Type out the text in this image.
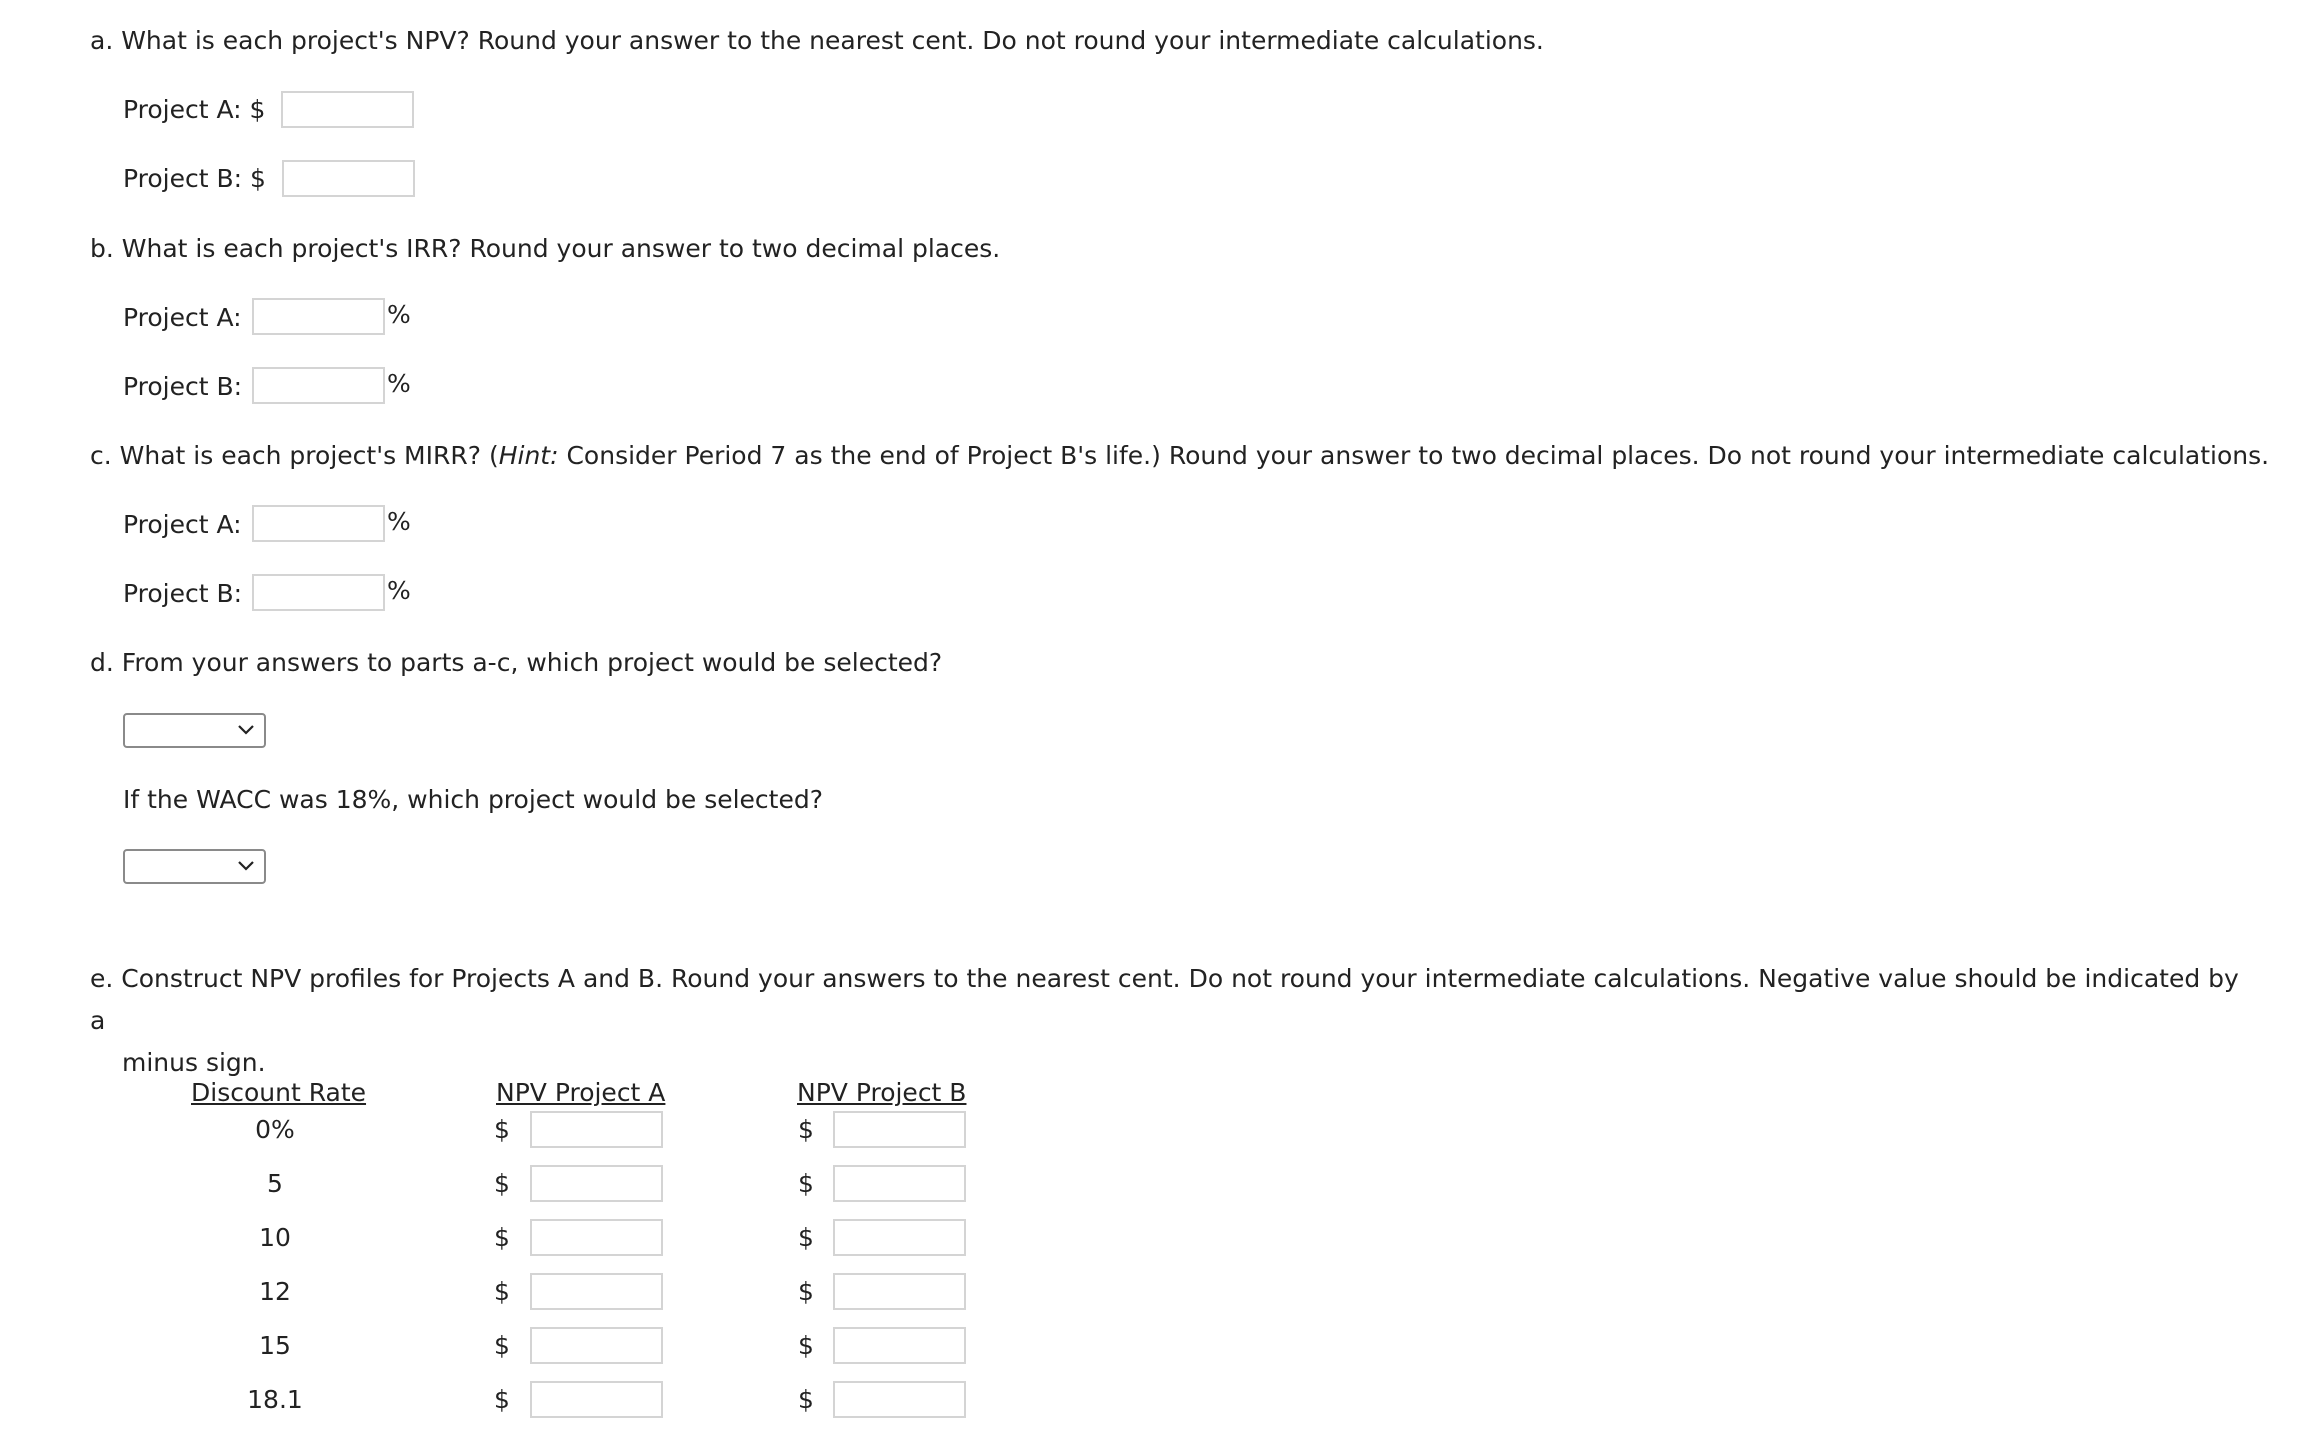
a. What is each project's NPV? Round your answer to the nearest cent. Do not round your intermediate calculations.

Project A: $
Project B: $

b. What is each project's IRR? Round your answer to two decimal places.

Project A:	%
Project B:	%

c. What is each project's MIRR? (Hint: Consider Period 7 as the end of Project B's life.) Round your answer to two decimal places. Do not round your intermediate calculations.

Project A:	%
Project B:	%

d. From your answers to parts a-c, which project would be selected?

If the WACC was 18%, which project would be selected?

e. Construct NPV profiles for Projects A and B. Round your answers to the nearest cent. Do not round your intermediate calculations. Negative value should be indicated by a
minus sign.

Discount Rate	NPV Project A	NPV Project B
0%	$	$
5	$	$
10	$	$
12	$	$
15	$	$
18.1	$	$
